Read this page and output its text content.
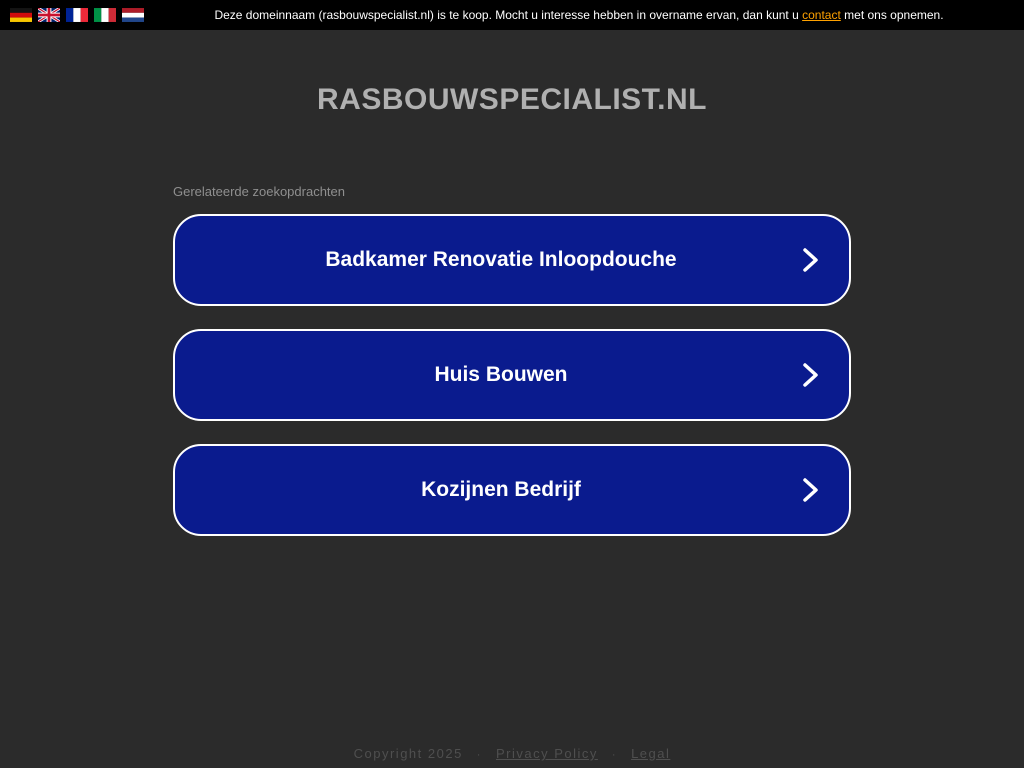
Deze domeinnaam (rasbouwspecialist.nl) is te koop. Mocht u interesse hebben in overname ervan, dan kunt u contact met ons opnemen.
RASBOUWSPECIALIST.NL
Gerelateerde zoekopdrachten
Badkamer Renovatie Inloopdouche
Huis Bouwen
Kozijnen Bedrijf
Copyright 2025 · Privacy Policy · Legal
